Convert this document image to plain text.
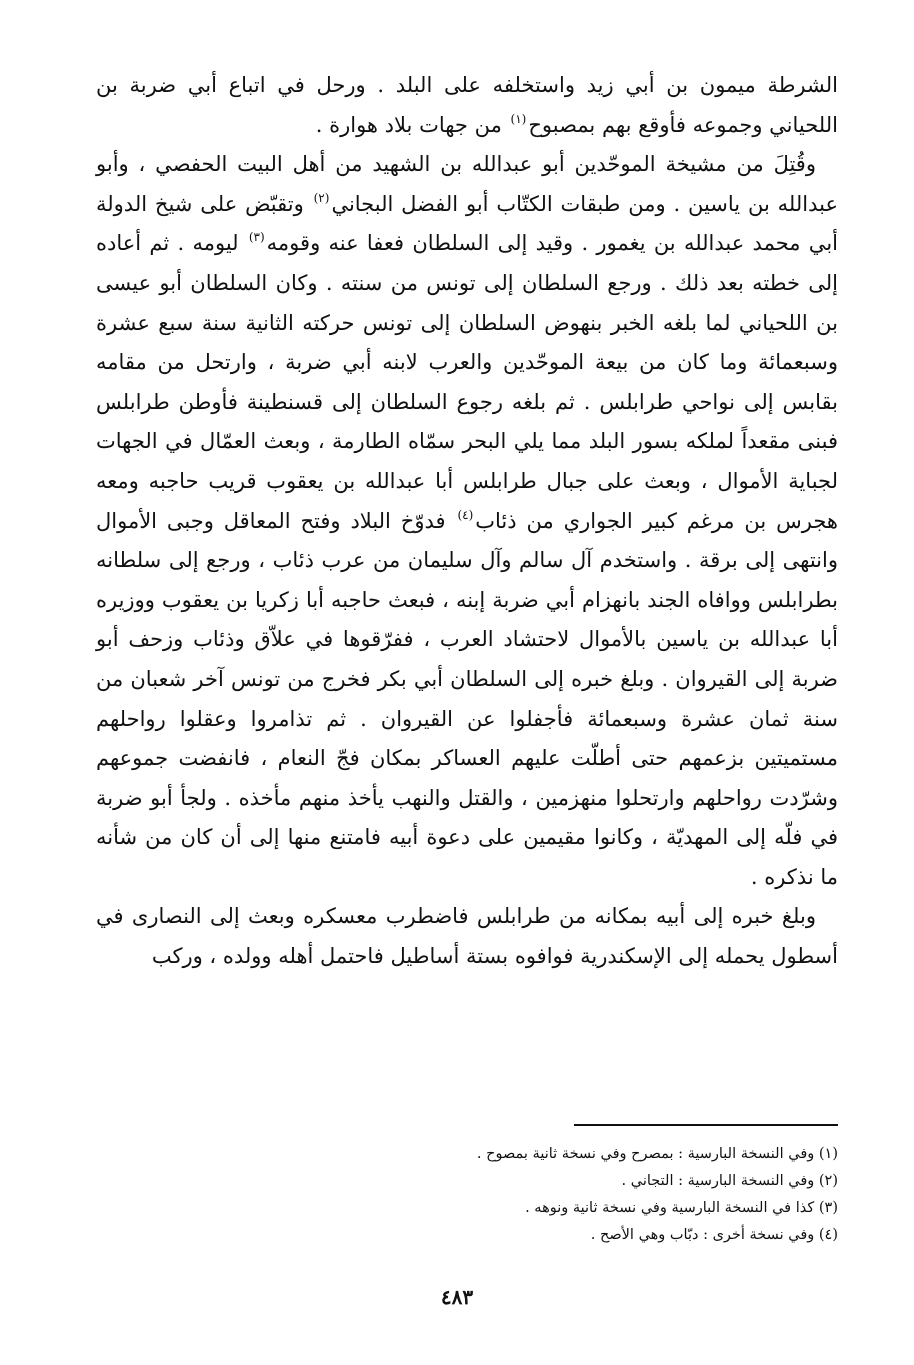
الشرطة ميمون بن أبي زيد واستخلفه على البلد . ورحل في اتباع أبي ضربة بن اللحياني وجموعه فأوقع بهم بمصبوح$^{(١)}$ من جهات بلاد هوارة .

وقُتِلَ من مشيخة الموحّدين أبو عبدالله بن الشهيد من أهل البيت الحفصي ، وأبو عبدالله بن ياسين . ومن طبقات الكتّاب أبو الفضل البجاني$^{(٢)}$ وتقبّض على شيخ الدولة أبي محمد عبدالله بن يغمور . وقيد إلى السلطان فعفا عنه وقومه$^{(٣)}$ ليومه . ثم أعاده إلى خطته بعد ذلك . ورجع السلطان إلى تونس من سنته . وكان السلطان أبو عيسى بن اللحياني لما بلغه الخبر بنهوض السلطان إلى تونس حركته الثانية سنة سبع عشرة وسبعمائة وما كان من بيعة الموحّدين والعرب لابنه أبي ضربة ، وارتحل من مقامه بقابس إلى نواحي طرابلس . ثم بلغه رجوع السلطان إلى قسنطينة فأوطن طرابلس فبنى مقعداً لملكه بسور البلد مما يلي البحر سمّاه الطارمة ، وبعث العمّال في الجهات لجباية الأموال ، وبعث على جبال طرابلس أبا عبدالله بن يعقوب قريب حاجبه ومعه هجرس بن مرغم كبير الجواري من ذئاب$^{(٤)}$ فدوّخ البلاد وفتح المعاقل وجبى الأموال وانتهى إلى برقة . واستخدم آل سالم وآل سليمان من عرب ذئاب ، ورجع إلى سلطانه بطرابلس ووافاه الجند بانهزام أبي ضربة إبنه ، فبعث حاجبه أبا زكريا بن يعقوب ووزيره أبا عبدالله بن ياسين بالأموال لاحتشاد العرب ، ففرّقوها في علاّق وذئاب وزحف أبو ضربة إلى القيروان . وبلغ خبره إلى السلطان أبي بكر فخرج من تونس آخر شعبان من سنة ثمان عشرة وسبعمائة فأجفلوا عن القيروان . ثم تذامروا وعقلوا رواحلهم مستميتين بزعمهم حتى أطلّت عليهم العساكر بمكان فجّ النعام ، فانفضت جموعهم وشرّدت رواحلهم وارتحلوا منهزمين ، والقتل والنهب يأخذ منهم مأخذه . ولجأ أبو ضربة في فلّه إلى المهديّة ، وكانوا مقيمين على دعوة أبيه فامتنع منها إلى أن كان من شأنه ما نذكره .

وبلغ خبره إلى أبيه بمكانه من طرابلس فاضطرب معسكره وبعث إلى النصارى في أسطول يحمله إلى الإسكندرية فوافوه بستة أساطيل فاحتمل أهله وولده ، وركب

(١) وفي النسخة البارسية : بمصرح وفي نسخة ثانية بمصوح .

(٢) وفي النسخة البارسية : التجاني .

(٣) كذا في النسخة البارسية وفي نسخة ثانية ونوهه .

(٤) وفي نسخة أخرى : دبّاب وهي الأصح .

٤٨٣
